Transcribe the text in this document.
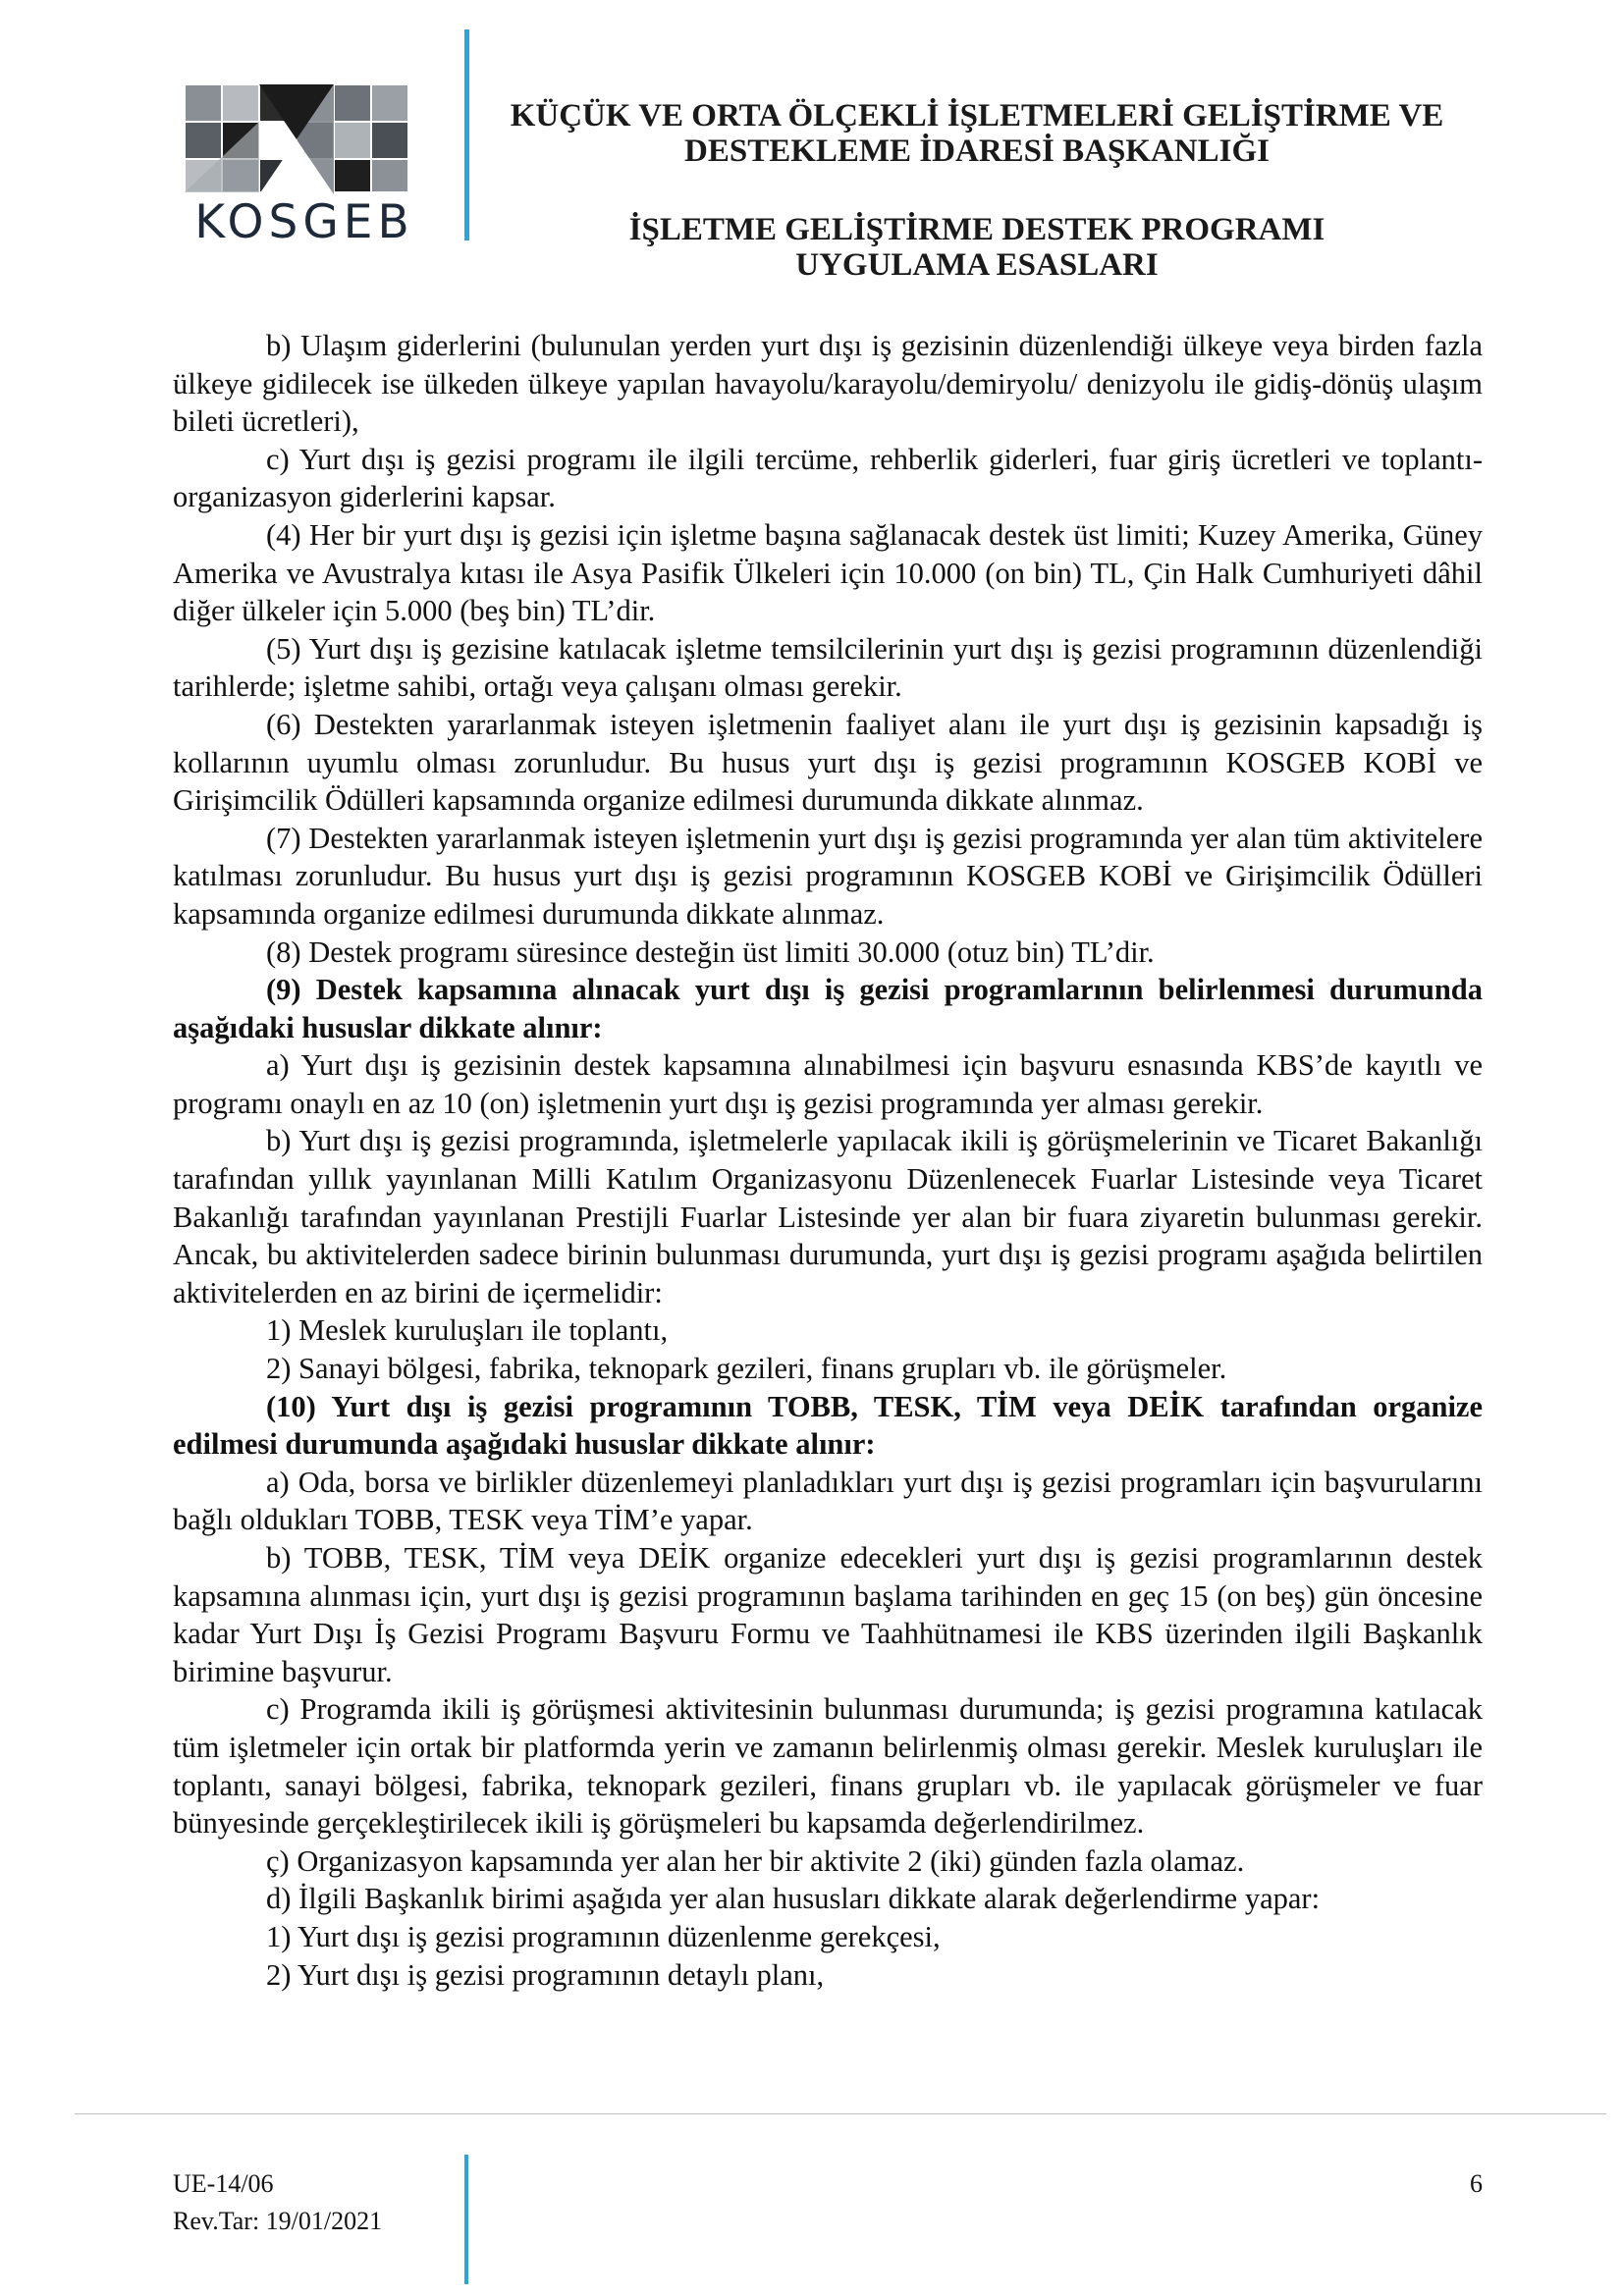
KOSGEB
KÜÇÜK VE ORTA ÖLÇEKLİ İŞLETMELERİ GELİŞTİRME VE
DESTEKLEME İDARESİ BAŞKANLIĞI
İŞLETME GELİŞTİRME DESTEK PROGRAMI
UYGULAMA ESASLARI

b) Ulaşım giderlerini (bulunulan yerden yurt dışı iş gezisinin düzenlendiği ülkeye veya birden fazla ülkeye gidilecek ise ülkeden ülkeye yapılan havayolu/karayolu/demiryolu/ denizyolu ile gidiş-dönüş ulaşım bileti ücretleri),

c) Yurt dışı iş gezisi programı ile ilgili tercüme, rehberlik giderleri, fuar giriş ücretleri ve toplantı-organizasyon giderlerini kapsar.

(4) Her bir yurt dışı iş gezisi için işletme başına sağlanacak destek üst limiti; Kuzey Amerika, Güney Amerika ve Avustralya kıtası ile Asya Pasifik Ülkeleri için 10.000 (on bin) TL, Çin Halk Cumhuriyeti dâhil diğer ülkeler için 5.000 (beş bin) TL’dir.

(5) Yurt dışı iş gezisine katılacak işletme temsilcilerinin yurt dışı iş gezisi programının düzenlendiği tarihlerde; işletme sahibi, ortağı veya çalışanı olması gerekir.

(6) Destekten yararlanmak isteyen işletmenin faaliyet alanı ile yurt dışı iş gezisinin kapsadığı iş kollarının uyumlu olması zorunludur. Bu husus yurt dışı iş gezisi programının KOSGEB KOBİ ve Girişimcilik Ödülleri kapsamında organize edilmesi durumunda dikkate alınmaz.

(7) Destekten yararlanmak isteyen işletmenin yurt dışı iş gezisi programında yer alan tüm aktivitelere katılması zorunludur. Bu husus yurt dışı iş gezisi programının KOSGEB KOBİ ve Girişimcilik Ödülleri kapsamında organize edilmesi durumunda dikkate alınmaz.

(8) Destek programı süresince desteğin üst limiti 30.000 (otuz bin) TL’dir.

(9) Destek kapsamına alınacak yurt dışı iş gezisi programlarının belirlenmesi durumunda aşağıdaki hususlar dikkate alınır:

a) Yurt dışı iş gezisinin destek kapsamına alınabilmesi için başvuru esnasında KBS’de kayıtlı ve programı onaylı en az 10 (on) işletmenin yurt dışı iş gezisi programında yer alması gerekir.

b) Yurt dışı iş gezisi programında, işletmelerle yapılacak ikili iş görüşmelerinin ve Ticaret Bakanlığı tarafından yıllık yayınlanan Milli Katılım Organizasyonu Düzenlenecek Fuarlar Listesinde veya Ticaret Bakanlığı tarafından yayınlanan Prestijli Fuarlar Listesinde yer alan bir fuara ziyaretin bulunması gerekir. Ancak, bu aktivitelerden sadece birinin bulunması durumunda, yurt dışı iş gezisi programı aşağıda belirtilen aktivitelerden en az birini de içermelidir:

1) Meslek kuruluşları ile toplantı,

2) Sanayi bölgesi, fabrika, teknopark gezileri, finans grupları vb. ile görüşmeler.

(10) Yurt dışı iş gezisi programının TOBB, TESK, TİM veya DEİK tarafından organize edilmesi durumunda aşağıdaki hususlar dikkate alınır:

a) Oda, borsa ve birlikler düzenlemeyi planladıkları yurt dışı iş gezisi programları için başvurularını bağlı oldukları TOBB, TESK veya TİM’e yapar.

b) TOBB, TESK, TİM veya DEİK organize edecekleri yurt dışı iş gezisi programlarının destek kapsamına alınması için, yurt dışı iş gezisi programının başlama tarihinden en geç 15 (on beş) gün öncesine kadar Yurt Dışı İş Gezisi Programı Başvuru Formu ve Taahhütnamesi ile KBS üzerinden ilgili Başkanlık birimine başvurur.

c) Programda ikili iş görüşmesi aktivitesinin bulunması durumunda; iş gezisi programına katılacak tüm işletmeler için ortak bir platformda yerin ve zamanın belirlenmiş olması gerekir. Meslek kuruluşları ile toplantı, sanayi bölgesi, fabrika, teknopark gezileri, finans grupları vb. ile yapılacak görüşmeler ve fuar bünyesinde gerçekleştirilecek ikili iş görüşmeleri bu kapsamda değerlendirilmez.

ç) Organizasyon kapsamında yer alan her bir aktivite 2 (iki) günden fazla olamaz.

d) İlgili Başkanlık birimi aşağıda yer alan hususları dikkate alarak değerlendirme yapar:

1) Yurt dışı iş gezisi programının düzenlenme gerekçesi,

2) Yurt dışı iş gezisi programının detaylı planı,

UE-14/06
Rev.Tar: 19/01/2021
6
